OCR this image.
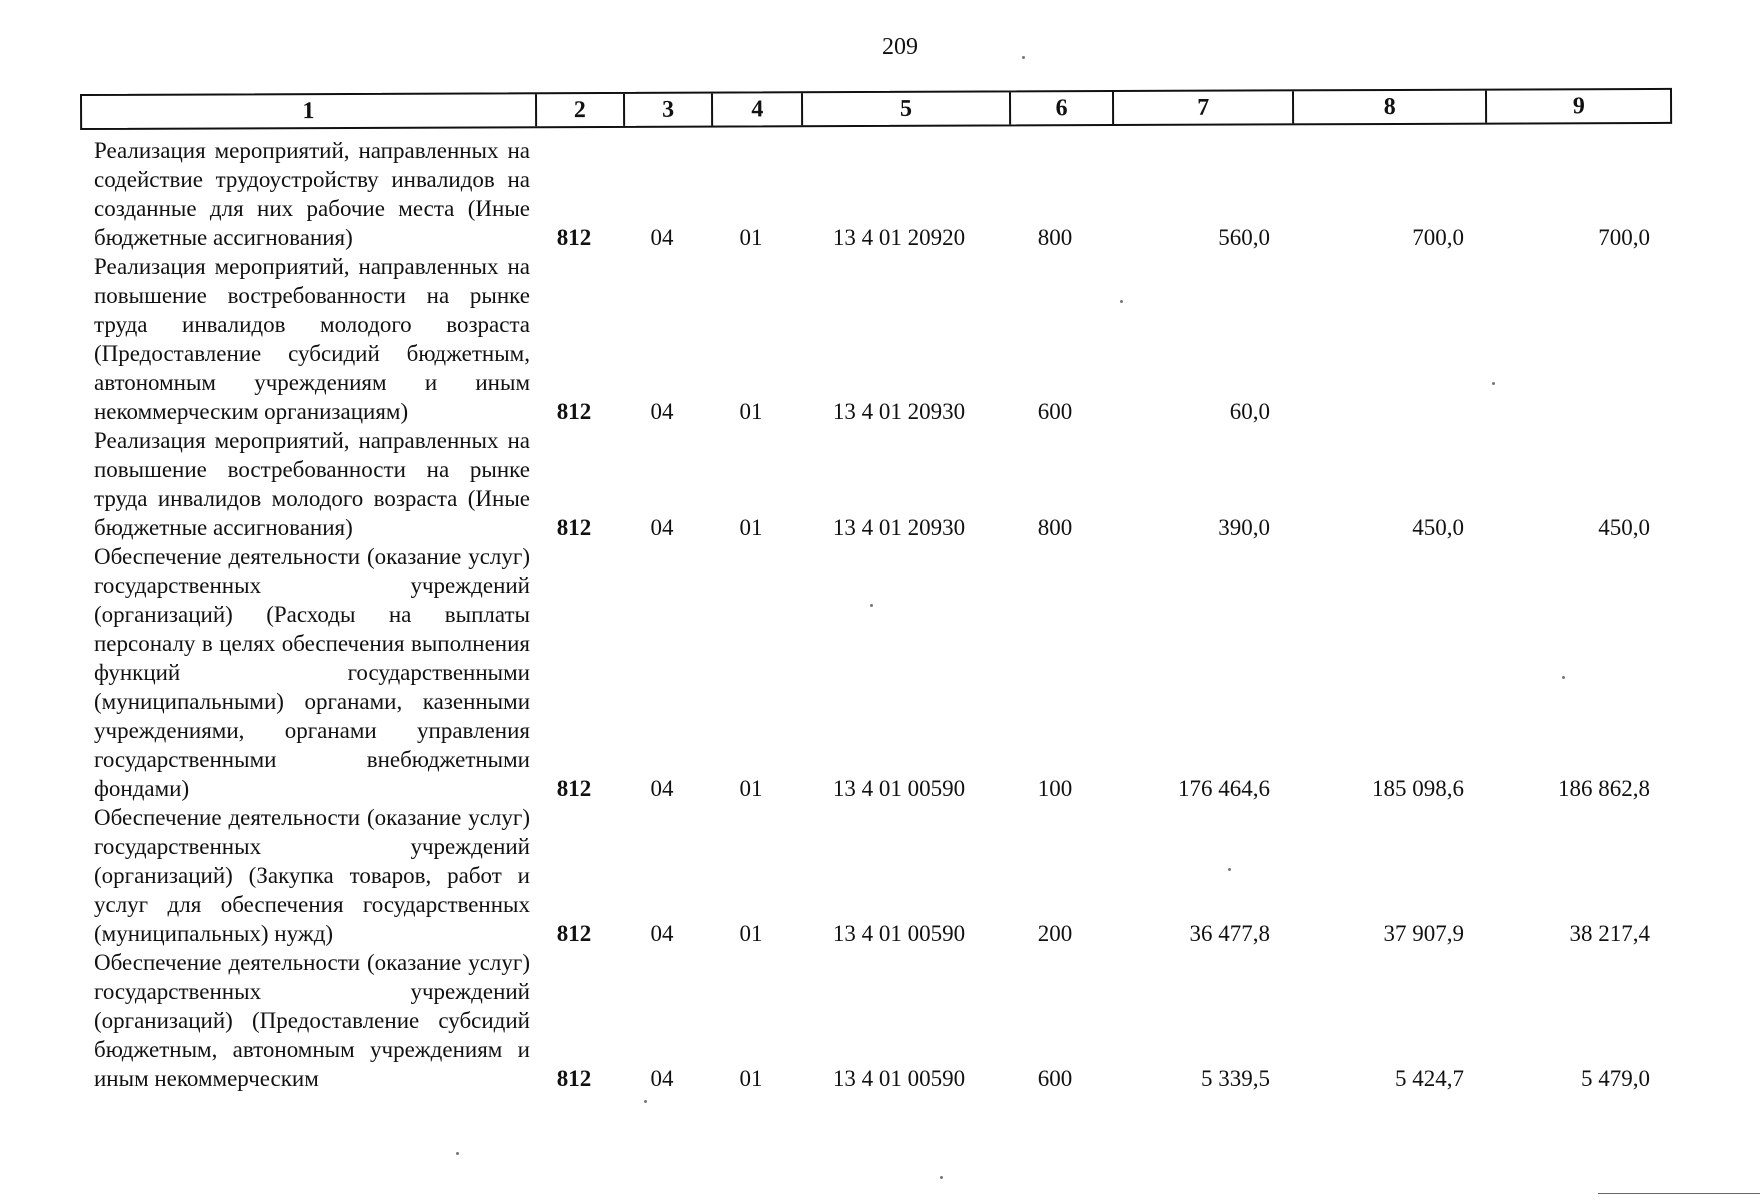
209
1	2	3	4	5	6	7	8	9
Реализация мероприятий, направленных на содействие трудоустройству инвалидов на созданные для них рабочие места (Иные бюджетные ассигнования)	812	04	01	13 4 01 20920	800	560,0	700,0	700,0
Реализация мероприятий, направленных на повышение востребованности на рынке труда инвалидов молодого возраста (Предоставление субсидий бюджетным, автономным учреждениям и иным некоммерческим организациям)	812	04	01	13 4 01 20930	600	60,0
Реализация мероприятий, направленных на повышение востребованности на рынке труда инвалидов молодого возраста (Иные бюджетные ассигнования)	812	04	01	13 4 01 20930	800	390,0	450,0	450,0
Обеспечение деятельности (оказание услуг) государственных учреждений (организаций) (Расходы на выплаты персоналу в целях обеспечения выполнения функций государственными (муниципальными) органами, казенными учреждениями, органами управления государственными внебюджетными фондами)	812	04	01	13 4 01 00590	100	176 464,6	185 098,6	186 862,8
Обеспечение деятельности (оказание услуг) государственных учреждений (организаций) (Закупка товаров, работ и услуг для обеспечения государственных (муниципальных) нужд)	812	04	01	13 4 01 00590	200	36 477,8	37 907,9	38 217,4
Обеспечение деятельности (оказание услуг) государственных учреждений (организаций) (Предоставление субсидий бюджетным, автономным учреждениям и иным некоммерческим	812	04	01	13 4 01 00590	600	5 339,5	5 424,7	5 479,0
